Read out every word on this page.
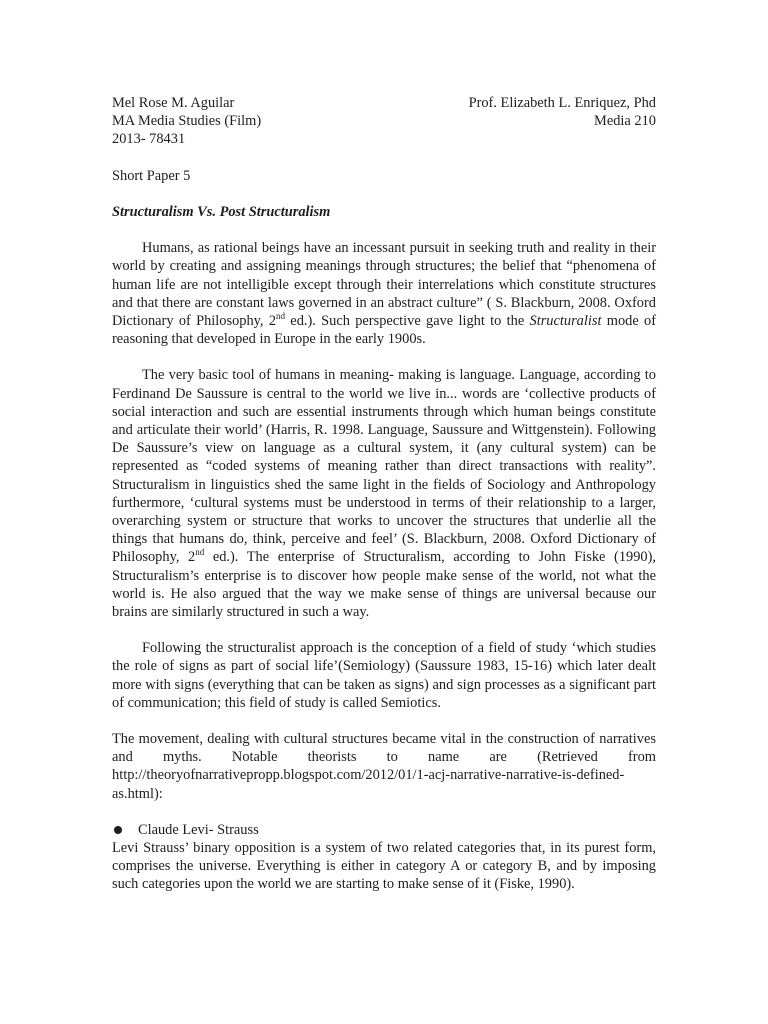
Mel Rose M. Aguilar	Prof. Elizabeth L. Enriquez, Phd
MA Media Studies (Film)	Media 210
2013- 78431
Short Paper 5
Structuralism Vs. Post Structuralism

Humans, as rational beings have an incessant pursuit in seeking truth and reality in their world by creating and assigning meanings through structures; the belief that “phenomena of human life are not intelligible except through their interrelations which constitute structures and that there are constant laws governed in an abstract culture” ( S. Blackburn, 2008. Oxford Dictionary of Philosophy, 2nd ed.). Such perspective gave light to the Structuralist mode of reasoning that developed in Europe in the early 1900s.

The very basic tool of humans in meaning- making is language. Language, according to Ferdinand De Saussure is central to the world we live in... words are ‘collective products of social interaction and such are essential instruments through which human beings constitute and articulate their world’ (Harris, R. 1998. Language, Saussure and Wittgenstein). Following De Saussure’s view on language as a cultural system, it (any cultural system) can be represented as “coded systems of meaning rather than direct transactions with reality”. Structuralism in linguistics shed the same light in the fields of Sociology and Anthropology furthermore, ‘cultural systems must be understood in terms of their relationship to a larger, overarching system or structure that works to uncover the structures that underlie all the things that humans do, think, perceive and feel’ (S. Blackburn, 2008. Oxford Dictionary of Philosophy, 2nd ed.). The enterprise of Structuralism, according to John Fiske (1990), Structuralism’s enterprise is to discover how people make sense of the world, not what the world is. He also argued that the way we make sense of things are universal because our brains are similarly structured in such a way.

Following the structuralist approach is the conception of a field of study ‘which studies the role of signs as part of social life’(Semiology) (Saussure 1983, 15-16) which later dealt more with signs (everything that can be taken as signs) and sign processes as a significant part of communication; this field of study is called Semiotics.

The movement, dealing with cultural structures became vital in the construction of narratives and myths. Notable theorists to name are (Retrieved from http://theoryofnarrativepropp.blogspot.com/2012/01/1-acj-narrative-narrative-is-defined-as.html):

Claude Levi- Strauss

Levi Strauss’ binary opposition is a system of two related categories that, in its purest form, comprises the universe. Everything is either in category A or category B, and by imposing such categories upon the world we are starting to make sense of it (Fiske, 1990).
